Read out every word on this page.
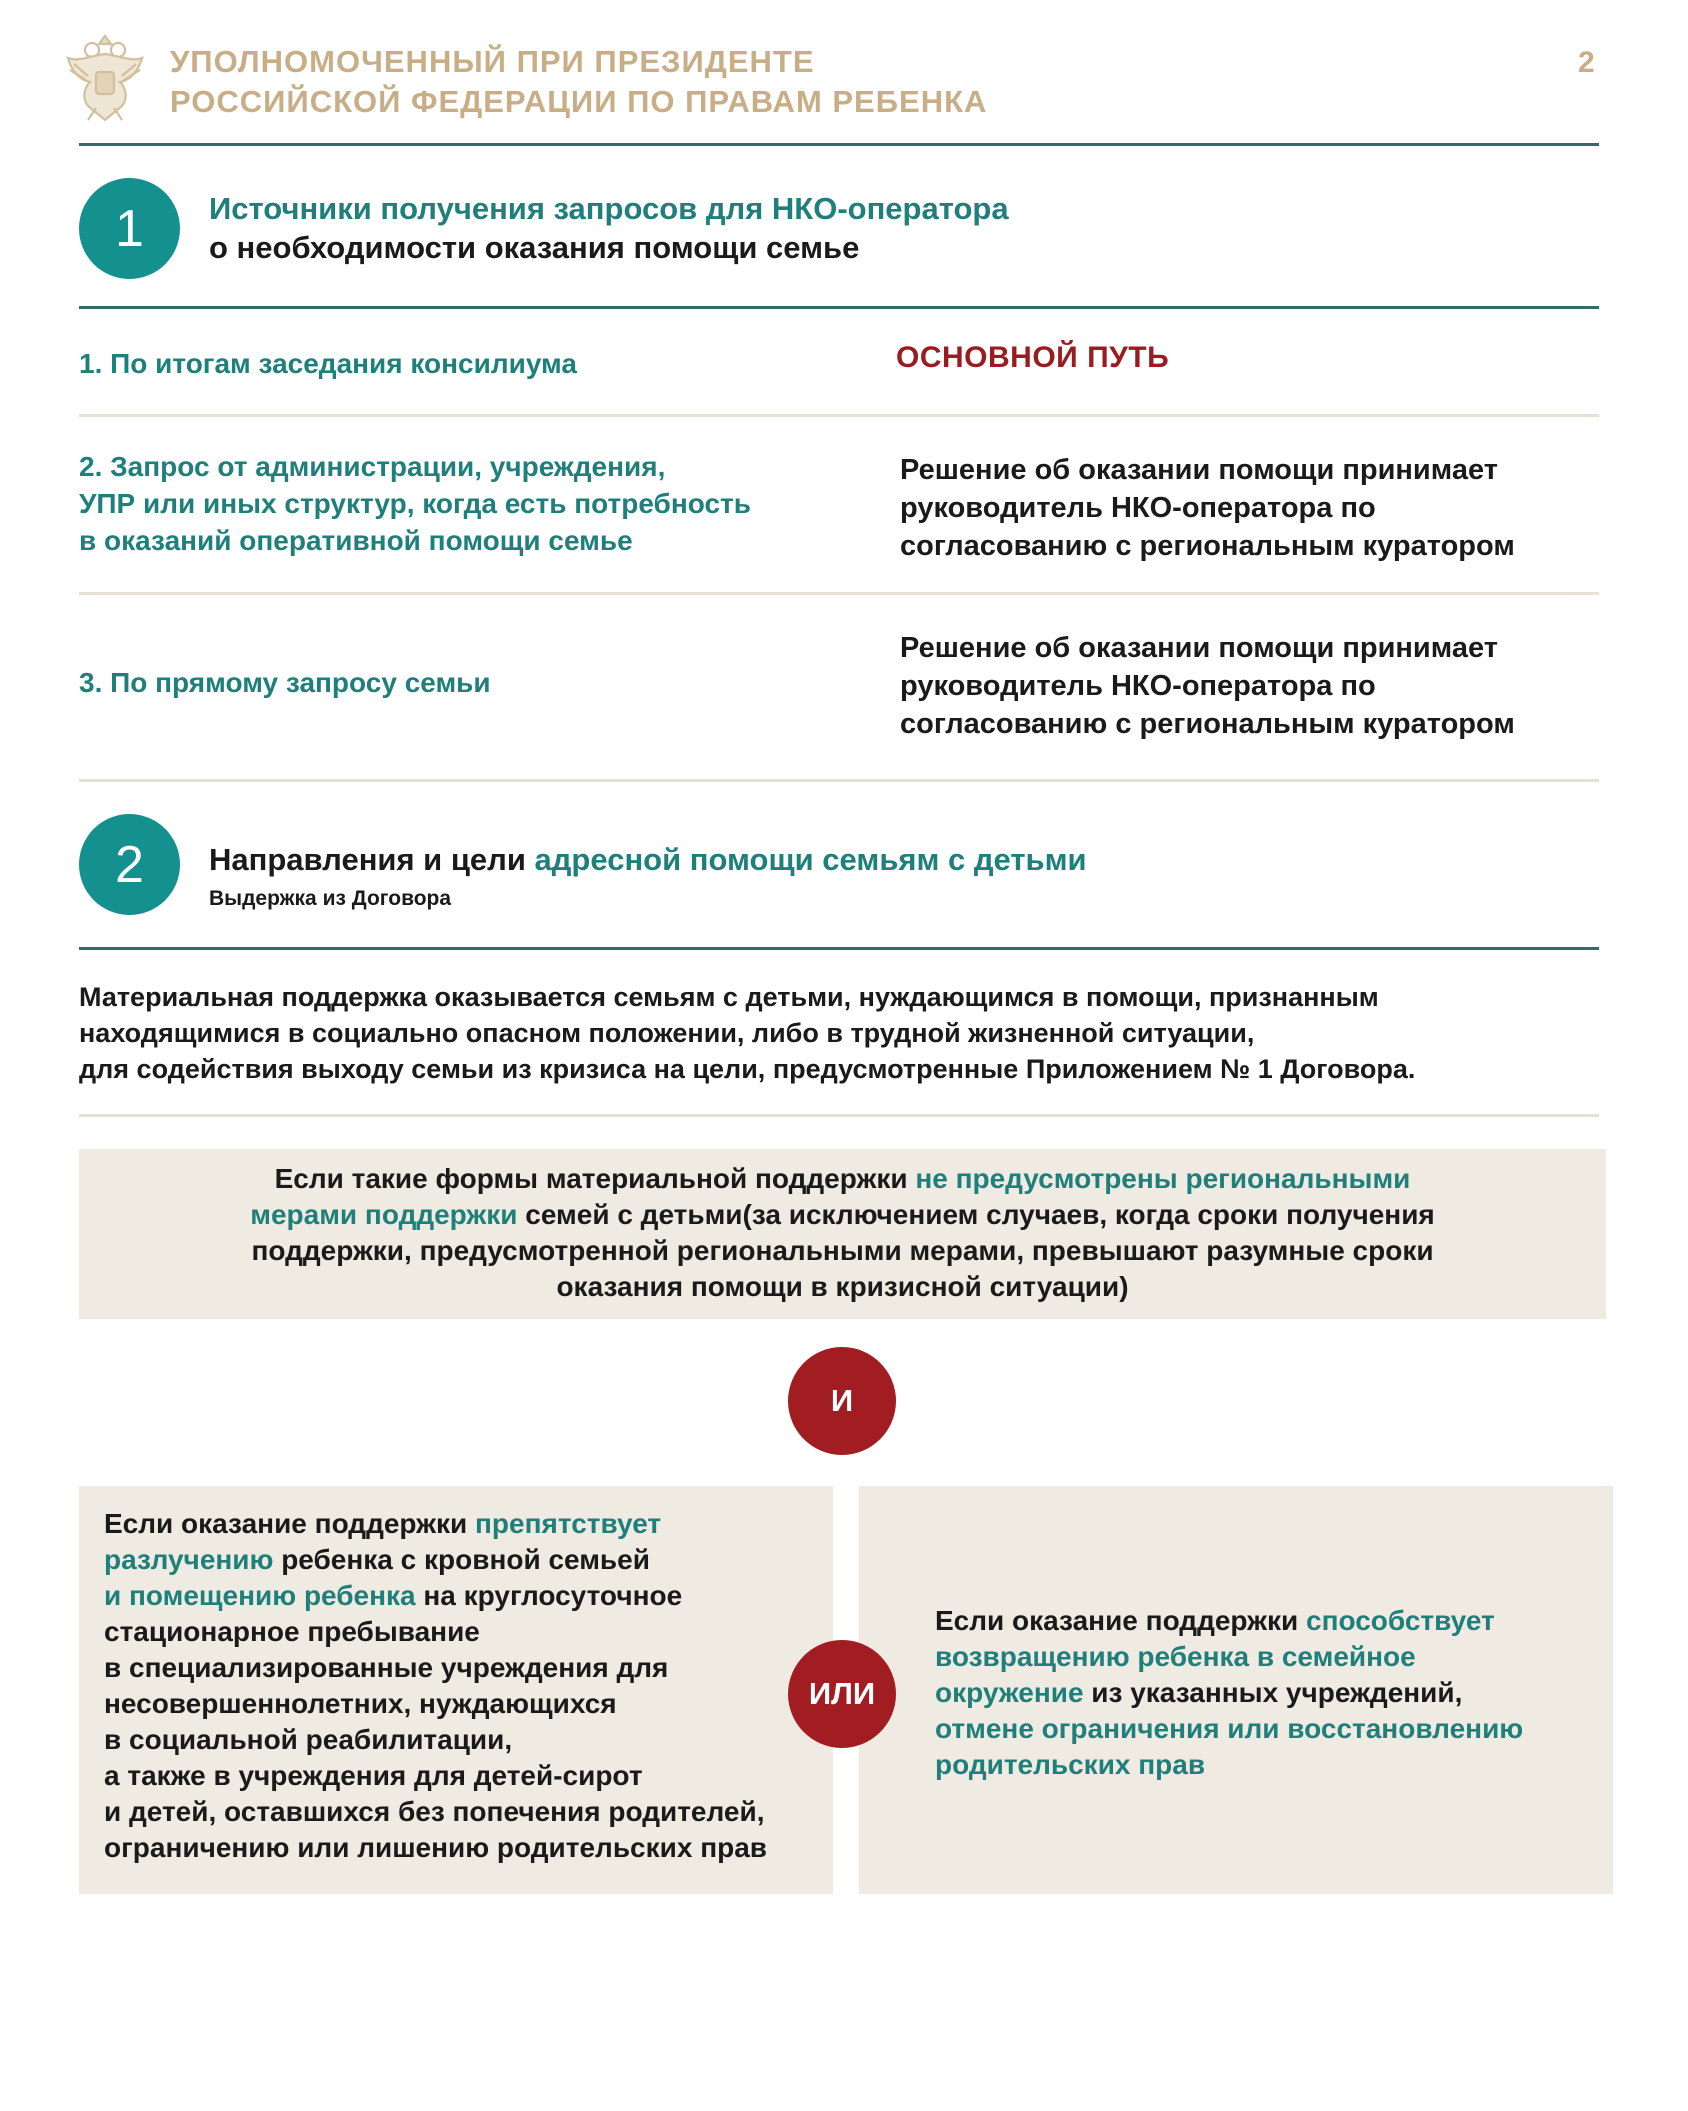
УПОЛНОМОЧЕННЫЙ ПРИ ПРЕЗИДЕНТЕ
РОССИЙСКОЙ ФЕДЕРАЦИИ ПО ПРАВАМ РЕБЕНКА
2
1	Источники получения запросов для НКО-оператора
о необходимости оказания помощи семье
1. По итогам заседания консилиума	ОСНОВНОЙ ПУТЬ
2. Запрос от администрации, учреждения,
УПР или иных структур, когда есть потребность
в оказаний оперативной помощи семье
Решение об оказании помощи принимает
руководитель НКО-оператора по
согласованию с региональным куратором
3. По прямому запросу семьи
Решение об оказании помощи принимает
руководитель НКО-оператора по
согласованию с региональным куратором
2	Направления и цели адресной помощи семьям с детьми
Выдержка из Договора
Материальная поддержка оказывается семьям с детьми, нуждающимся в помощи, признанным
находящимися в социально опасном положении, либо в трудной жизненной ситуации,
для содействия выходу семьи из кризиса на цели, предусмотренные Приложением № 1 Договора.
Если такие формы материальной поддержки не предусмотрены региональными
мерами поддержки семей с детьми(за исключением случаев, когда сроки получения
поддержки, предусмотренной региональными мерами, превышают разумные сроки
оказания помощи в кризисной ситуации)
И
Если оказание поддержки препятствует
разлучению ребенка с кровной семьей
и помещению ребенка на круглосуточное
стационарное пребывание
в специализированные учреждения для
несовершеннолетних, нуждающихся
в социальной реабилитации,
а также в учреждения для детей-сирот
и детей, оставшихся без попечения родителей,
ограничению или лишению родительских прав
Если оказание поддержки способствует
возвращению ребенка в семейное
окружение из указанных учреждений,
отмене ограничения или восстановлению
родительских прав
ИЛИ
